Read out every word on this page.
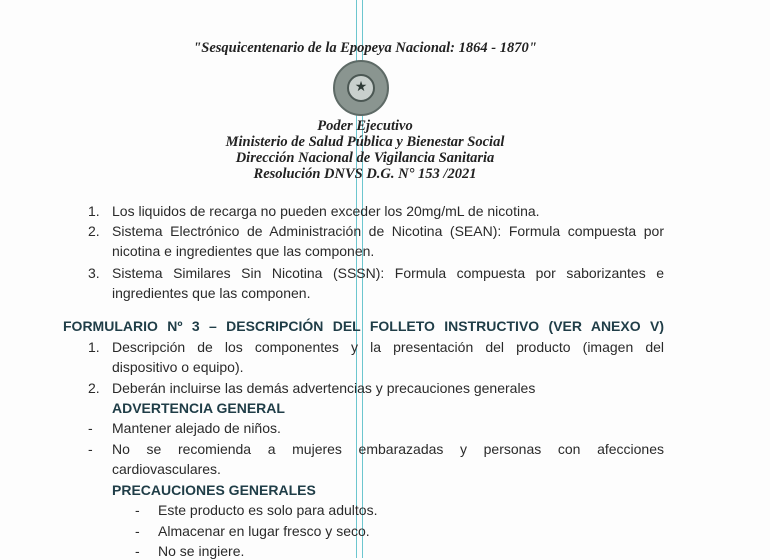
"Sesquicentenario de la Epopeya Nacional: 1864 - 1870"
★
Poder Ejecutivo
Ministerio de Salud Pública y Bienestar Social
Dirección Nacional de Vigilancia Sanitaria
Resolución DNVS D.G. N° 153 /2021
1. Los liquidos de recarga no pueden exceder los 20mg/mL de nicotina.
2. Sistema Electrónico de Administración de Nicotina (SEAN): Formula compuesta por
nicotina e ingredientes que las componen.
3. Sistema Similares Sin Nicotina (SSSN): Formula compuesta por saborizantes e
ingredientes que las componen.
FORMULARIO Nº 3 – DESCRIPCIÓN DEL FOLLETO INSTRUCTIVO (VER ANEXO V)
1. Descripción de los componentes y la presentación del producto (imagen del
dispositivo o equipo).
2. Deberán incluirse las demás advertencias y precauciones generales
ADVERTENCIA GENERAL
- Mantener alejado de niños.
- No se recomienda a mujeres embarazadas y personas con afecciones
cardiovasculares.
PRECAUCIONES GENERALES
- Este producto es solo para adultos.
- Almacenar en lugar fresco y seco.
- No se ingiere.
